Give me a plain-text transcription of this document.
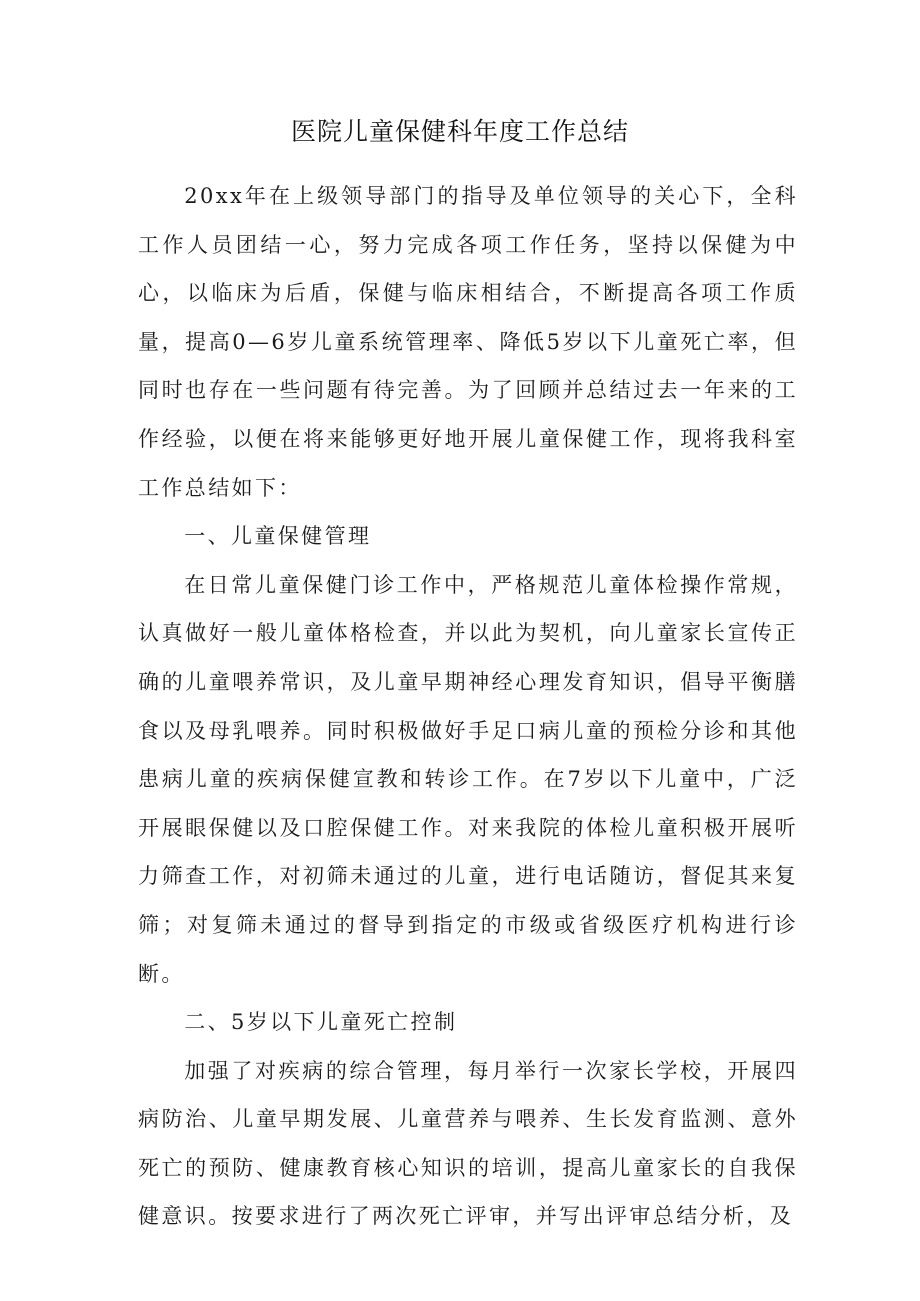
医院儿童保健科年度工作总结

20xx年在上级领导部门的指导及单位领导的关心下，全科工作人员团结一心，努力完成各项工作任务，坚持以保健为中心，以临床为后盾，保健与临床相结合，不断提高各项工作质量，提高0—6岁儿童系统管理率、降低5岁以下儿童死亡率，但同时也存在一些问题有待完善。为了回顾并总结过去一年来的工作经验，以便在将来能够更好地开展儿童保健工作，现将我科室工作总结如下：

一、儿童保健管理

在日常儿童保健门诊工作中，严格规范儿童体检操作常规，认真做好一般儿童体格检查，并以此为契机，向儿童家长宣传正确的儿童喂养常识，及儿童早期神经心理发育知识，倡导平衡膳食以及母乳喂养。同时积极做好手足口病儿童的预检分诊和其他患病儿童的疾病保健宣教和转诊工作。在7岁以下儿童中，广泛开展眼保健以及口腔保健工作。对来我院的体检儿童积极开展听力筛查工作，对初筛未通过的儿童，进行电话随访，督促其来复筛；对复筛未通过的督导到指定的市级或省级医疗机构进行诊断。

二、5岁以下儿童死亡控制

加强了对疾病的综合管理，每月举行一次家长学校，开展四病防治、儿童早期发展、儿童营养与喂养、生长发育监测、意外死亡的预防、健康教育核心知识的培训，提高儿童家长的自我保健意识。按要求进行了两次死亡评审，并写出评审总结分析，及
